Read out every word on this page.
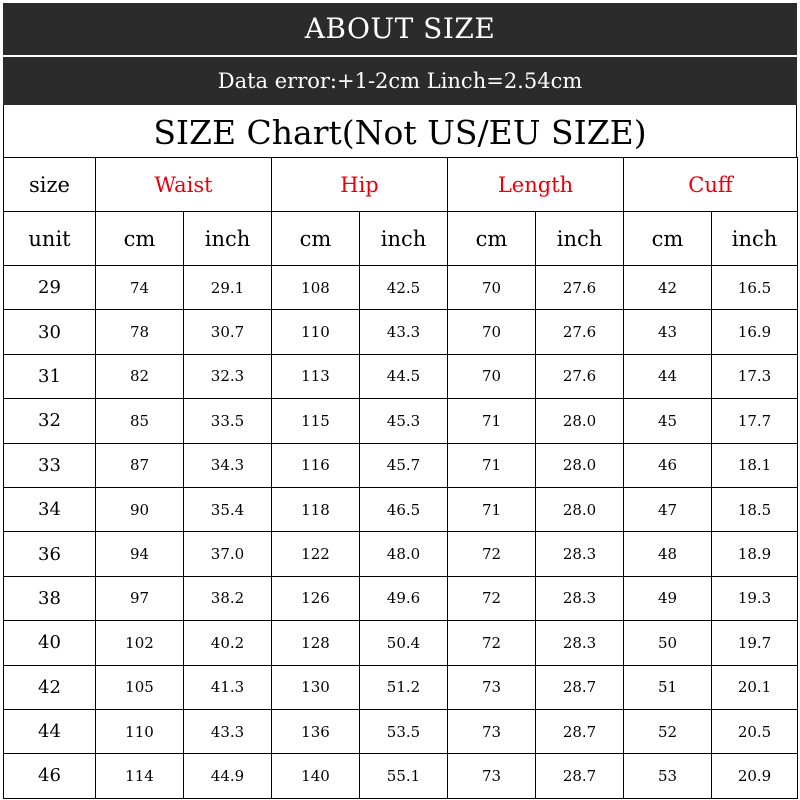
ABOUT SIZE
Data error:+1-2cm Linch=2.54cm
SIZE Chart(Not US/EU SIZE)
size	Waist		Hip		Length		Cuff	
unit	cm	inch	cm	inch	cm	inch	cm	inch
29	74	29.1	108	42.5	70	27.6	42	16.5
30	78	30.7	110	43.3	70	27.6	43	16.9
31	82	32.3	113	44.5	70	27.6	44	17.3
32	85	33.5	115	45.3	71	28.0	45	17.7
33	87	34.3	116	45.7	71	28.0	46	18.1
34	90	35.4	118	46.5	71	28.0	47	18.5
36	94	37.0	122	48.0	72	28.3	48	18.9
38	97	38.2	126	49.6	72	28.3	49	19.3
40	102	40.2	128	50.4	72	28.3	50	19.7
42	105	41.3	130	51.2	73	28.7	51	20.1
44	110	43.3	136	53.5	73	28.7	52	20.5
46	114	44.9	140	55.1	73	28.7	53	20.9
